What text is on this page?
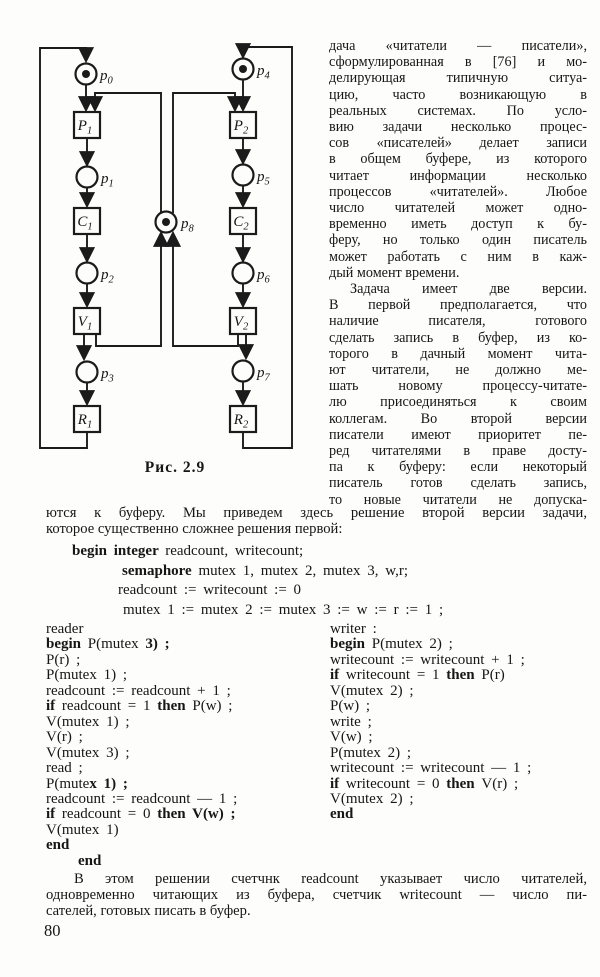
$p_0$
$p_1$
$p_2$
$p_3$
$p_4$
$p_5$
$p_6$
$p_7$
$p_8$
$P_1$
$C_1$
$V_1$
$R_1$
$P_2$
$C_2$
$V_2$
$R_2$
Рис. 2.9
дача «читатели — писатели»,
сформулированная в [76] и мо-
делирующая типичную ситуа-
цию, часто возникающую в
реальных системах. По усло-
вию задачи несколько процес-
сов «писателей» делает записи
в общем буфере, из которого
читает информации несколько
процессов «читателей». Любое
число читателей может одно-
временно иметь доступ к бу-
феру, но только один писатель
может работать с ним в каж-
дый момент времени.
Задача имеет две версии.
В первой предполагается, что
наличие писателя, готового
сделать запись в буфер, из ко-
торого в дачный момент чита-
ют читатели, не должно ме-
шать новому процессу-читате-
лю присоединяться к своим
коллегам. Во второй версии
писатели имеют приоритет пе-
ред читателями в праве досту-
па к буферу: если некоторый
писатель готов сделать запись,
то новые читатели не допуска-
ются к буферу. Мы приведем здесь решение второй версии задачи,
которое существенно сложнее решения первой:
begin integer readcount, writecount;
semaphore mutex 1, mutex 2, mutex 3, w,r;
readcount := writecount := 0
mutex 1 := mutex 2 := mutex 3 := w := r := 1 ;
reader
begin P(mutex 3) ;
P(r) ;
P(mutex 1) ;
readcount := readcount + 1 ;
if readcount = 1 then P(w) ;
V(mutex 1) ;
V(r) ;
V(mutex 3) ;
read ;
P(mutex 1) ;
readcount := readcount — 1 ;
if readcount = 0 then V(w) ;
V(mutex 1)
end
end
writer :
begin P(mutex 2) ;
writecount := writecount + 1 ;
if writecount = 1 then P(r)
V(mutex 2) ;
P(w) ;
write ;
V(w) ;
P(mutex 2) ;
writecount := writecount — 1 ;
if writecount = 0 then V(r) ;
V(mutex 2) ;
end
В этом решении счетчнк readcount указывает число читателей,
одновременно читающих из буфера, счетчик writecount — число пи-
сателей, готовых писать в буфер.
80
